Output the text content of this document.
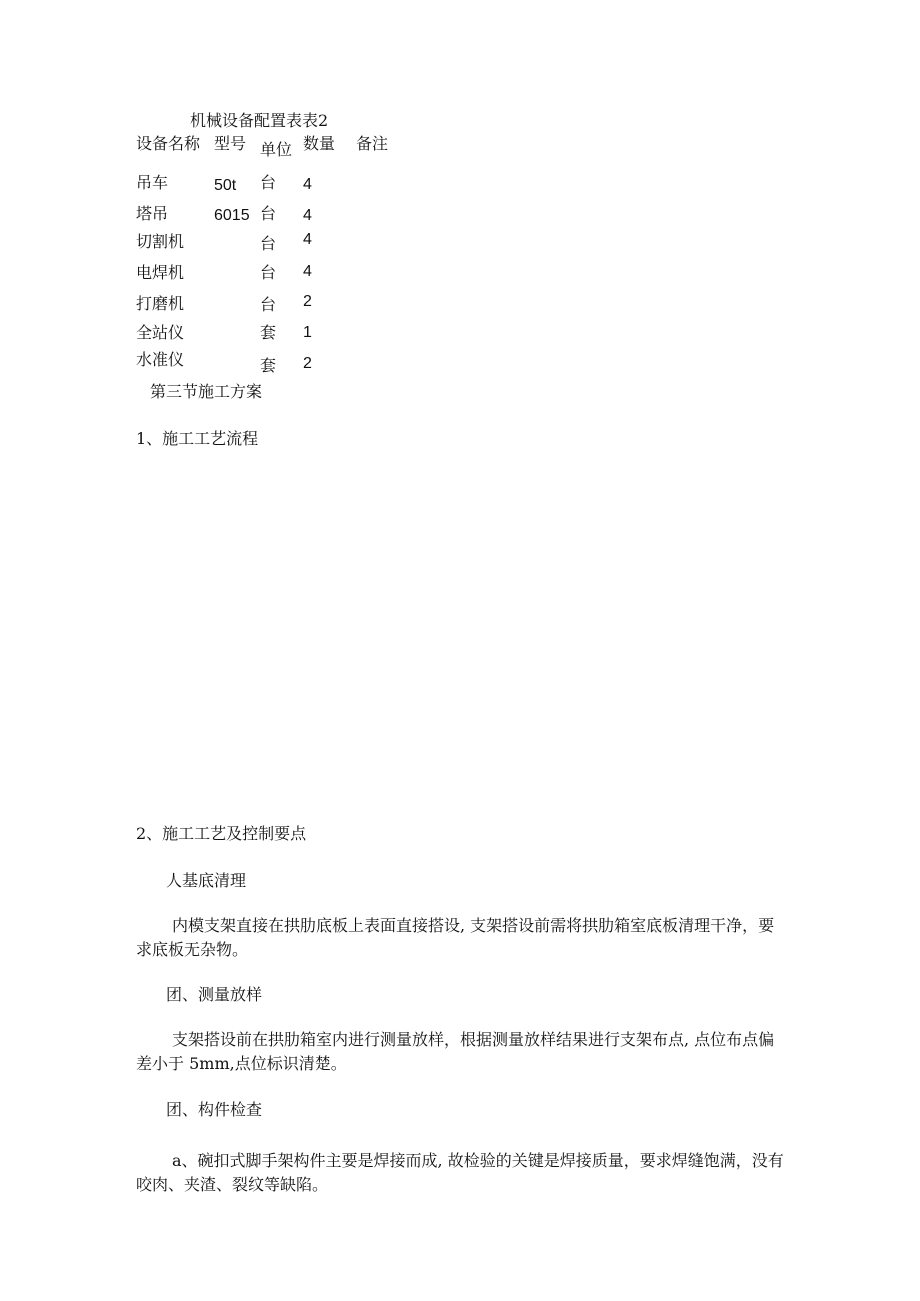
机械设备配置表表2
设备名称 型号 单位 数量 备注
吊车	50t 台 4
塔吊	6015 台 4
切割机	台 4
电焊机	台 4
打磨机	台 2
全站仪	套 1
水准仪	套 2
第三节施工方案
1、施工工艺流程
2、施工工艺及控制要点
人基底清理
内模支架直接在拱肋底板上表面直接搭设, 支架搭设前需将拱肋箱室底板清理干净，要求底板无杂物。
团、测量放样
支架搭设前在拱肋箱室内进行测量放样，根据测量放样结果进行支架布点, 点位布点偏差小于 5mm,点位标识清楚。
团、构件检查
a、碗扣式脚手架构件主要是焊接而成, 故检验的关键是焊接质量，要求焊缝饱满，没有咬肉、夹渣、裂纹等缺陷。
